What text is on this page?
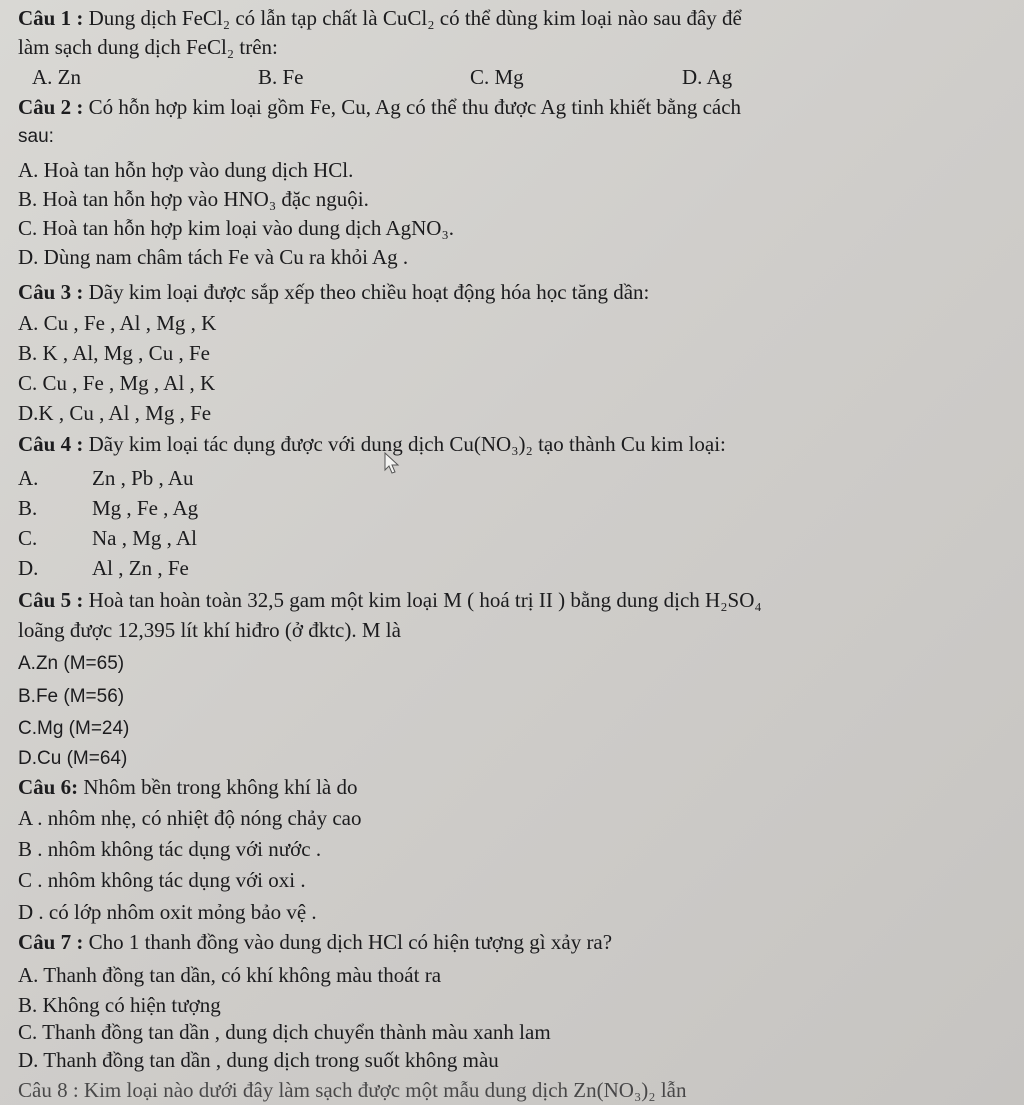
Câu 1 : Dung dịch FeCl₂ có lẫn tạp chất là CuCl₂ có thể dùng kim loại nào sau đây để
làm sạch dung dịch FeCl₂ trên:
A. Zn	B. Fe	C. Mg	D. Ag
Câu 2 : Có hỗn hợp kim loại gồm Fe, Cu, Ag có thể thu được Ag tinh khiết bằng cách
sau:
A. Hoà tan hỗn hợp vào dung dịch HCl.
B. Hoà tan hỗn hợp vào HNO₃ đặc nguội.
C. Hoà tan hỗn hợp kim loại vào dung dịch AgNO₃.
D. Dùng nam châm tách Fe và Cu ra khỏi Ag .
Câu 3 : Dãy kim loại được sắp xếp theo chiều hoạt động hóa học tăng dần:
A. Cu , Fe , Al , Mg , K
B. K , Al, Mg , Cu , Fe
C. Cu , Fe , Mg , Al , K
D.K , Cu , Al , Mg , Fe
Câu 4 : Dãy kim loại tác dụng được với dung dịch Cu(NO₃)₂ tạo thành Cu kim loại:
A.	Zn , Pb , Au
B.	Mg , Fe , Ag
C.	Na , Mg , Al
D.	Al , Zn , Fe
Câu 5 : Hoà tan hoàn toàn 32,5 gam một kim loại M ( hoá trị II ) bằng dung dịch H₂SO₄
loãng được 12,395 lít khí hiđro (ở đktc). M là
A.Zn (M=65)
B.Fe (M=56)
C.Mg (M=24)
D.Cu (M=64)
Câu 6: Nhôm bền trong không khí là do
A . nhôm nhẹ, có nhiệt độ nóng chảy cao
B . nhôm không tác dụng với nước .
C . nhôm không tác dụng với oxi .
D . có lớp nhôm oxit mỏng bảo vệ .
Câu 7 : Cho 1 thanh đồng vào dung dịch HCl có hiện tượng gì xảy ra?
A. Thanh đồng tan dần, có khí không màu thoát ra
B. Không có hiện tượng
C. Thanh đồng tan dần , dung dịch chuyển thành màu xanh lam
D. Thanh đồng tan dần , dung dịch trong suốt không màu
Câu 8 : Kim loại nào dưới đây làm sạch được một mẫu dung dịch Zn(NO₃)₂ lẫn
